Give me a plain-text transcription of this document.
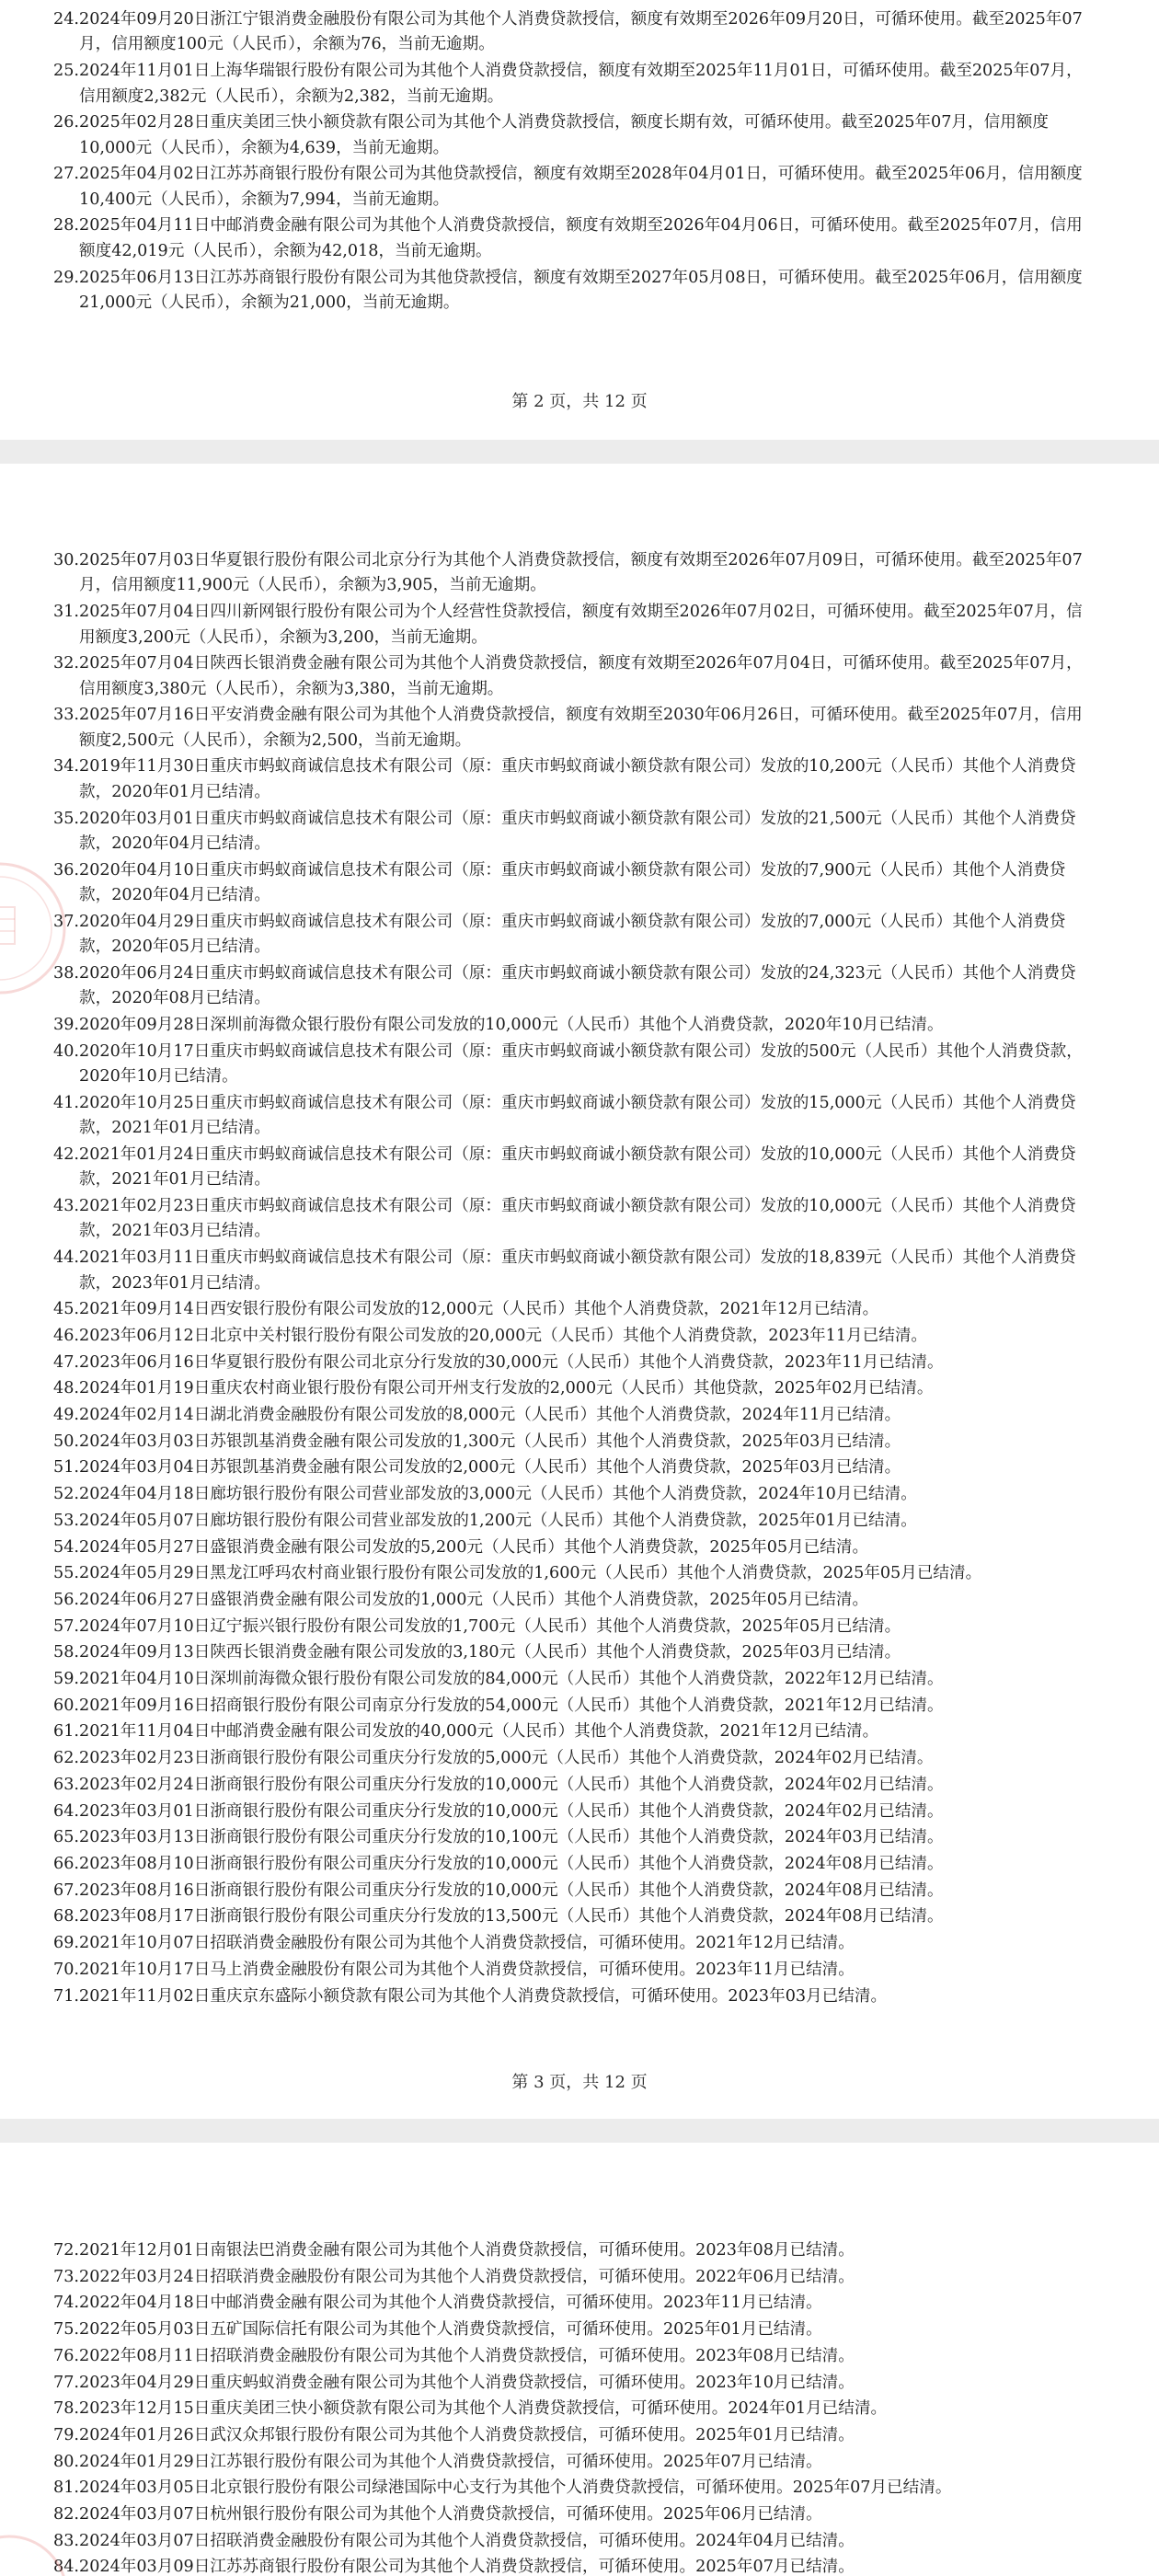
24. 2024年09月20日浙江宁银消费金融股份有限公司为其他个人消费贷款授信，额度有效期至2026年09月20日，可循环使用。截至2025年07月，信用额度100元（人民币），余额为76，当前无逾期。
25. 2024年11月01日上海华瑞银行股份有限公司为其他个人消费贷款授信，额度有效期至2025年11月01日，可循环使用。截至2025年07月，信用额度2,382元（人民币），余额为2,382，当前无逾期。
26. 2025年02月28日重庆美团三快小额贷款有限公司为其他个人消费贷款授信，额度长期有效，可循环使用。截至2025年07月，信用额度10,000元（人民币），余额为4,639，当前无逾期。
27. 2025年04月02日江苏苏商银行股份有限公司为其他贷款授信，额度有效期至2028年04月01日，可循环使用。截至2025年06月，信用额度10,400元（人民币），余额为7,994，当前无逾期。
28. 2025年04月11日中邮消费金融有限公司为其他个人消费贷款授信，额度有效期至2026年04月06日，可循环使用。截至2025年07月，信用额度42,019元（人民币），余额为42,018，当前无逾期。
29. 2025年06月13日江苏苏商银行股份有限公司为其他贷款授信，额度有效期至2027年05月08日，可循环使用。截至2025年06月，信用额度21,000元（人民币），余额为21,000，当前无逾期。
第 2 页，共 12 页
30. 2025年07月03日华夏银行股份有限公司北京分行为其他个人消费贷款授信，额度有效期至2026年07月09日，可循环使用。截至2025年07月，信用额度11,900元（人民币），余额为3,905，当前无逾期。
31. 2025年07月04日四川新网银行股份有限公司为个人经营性贷款授信，额度有效期至2026年07月02日，可循环使用。截至2025年07月，信用额度3,200元（人民币），余额为3,200，当前无逾期。
32. 2025年07月04日陕西长银消费金融有限公司为其他个人消费贷款授信，额度有效期至2026年07月04日，可循环使用。截至2025年07月，信用额度3,380元（人民币），余额为3,380，当前无逾期。
33. 2025年07月16日平安消费金融有限公司为其他个人消费贷款授信，额度有效期至2030年06月26日，可循环使用。截至2025年07月，信用额度2,500元（人民币），余额为2,500，当前无逾期。
34. 2019年11月30日重庆市蚂蚁商诚信息技术有限公司（原：重庆市蚂蚁商诚小额贷款有限公司）发放的10,200元（人民币）其他个人消费贷款，2020年01月已结清。
35. 2020年03月01日重庆市蚂蚁商诚信息技术有限公司（原：重庆市蚂蚁商诚小额贷款有限公司）发放的21,500元（人民币）其他个人消费贷款，2020年04月已结清。
36. 2020年04月10日重庆市蚂蚁商诚信息技术有限公司（原：重庆市蚂蚁商诚小额贷款有限公司）发放的7,900元（人民币）其他个人消费贷款，2020年04月已结清。
37. 2020年04月29日重庆市蚂蚁商诚信息技术有限公司（原：重庆市蚂蚁商诚小额贷款有限公司）发放的7,000元（人民币）其他个人消费贷款，2020年05月已结清。
38. 2020年06月24日重庆市蚂蚁商诚信息技术有限公司（原：重庆市蚂蚁商诚小额贷款有限公司）发放的24,323元（人民币）其他个人消费贷款，2020年08月已结清。
39. 2020年09月28日深圳前海微众银行股份有限公司发放的10,000元（人民币）其他个人消费贷款，2020年10月已结清。
40. 2020年10月17日重庆市蚂蚁商诚信息技术有限公司（原：重庆市蚂蚁商诚小额贷款有限公司）发放的500元（人民币）其他个人消费贷款，2020年10月已结清。
41. 2020年10月25日重庆市蚂蚁商诚信息技术有限公司（原：重庆市蚂蚁商诚小额贷款有限公司）发放的15,000元（人民币）其他个人消费贷款，2021年01月已结清。
42. 2021年01月24日重庆市蚂蚁商诚信息技术有限公司（原：重庆市蚂蚁商诚小额贷款有限公司）发放的10,000元（人民币）其他个人消费贷款，2021年01月已结清。
43. 2021年02月23日重庆市蚂蚁商诚信息技术有限公司（原：重庆市蚂蚁商诚小额贷款有限公司）发放的10,000元（人民币）其他个人消费贷款，2021年03月已结清。
44. 2021年03月11日重庆市蚂蚁商诚信息技术有限公司（原：重庆市蚂蚁商诚小额贷款有限公司）发放的18,839元（人民币）其他个人消费贷款，2023年01月已结清。
45. 2021年09月14日西安银行股份有限公司发放的12,000元（人民币）其他个人消费贷款，2021年12月已结清。
46. 2023年06月12日北京中关村银行股份有限公司发放的20,000元（人民币）其他个人消费贷款，2023年11月已结清。
47. 2023年06月16日华夏银行股份有限公司北京分行发放的30,000元（人民币）其他个人消费贷款，2023年11月已结清。
48. 2024年01月19日重庆农村商业银行股份有限公司开州支行发放的2,000元（人民币）其他贷款，2025年02月已结清。
49. 2024年02月14日湖北消费金融股份有限公司发放的8,000元（人民币）其他个人消费贷款，2024年11月已结清。
50. 2024年03月03日苏银凯基消费金融有限公司发放的1,300元（人民币）其他个人消费贷款，2025年03月已结清。
51. 2024年03月04日苏银凯基消费金融有限公司发放的2,000元（人民币）其他个人消费贷款，2025年03月已结清。
52. 2024年04月18日廊坊银行股份有限公司营业部发放的3,000元（人民币）其他个人消费贷款，2024年10月已结清。
53. 2024年05月07日廊坊银行股份有限公司营业部发放的1,200元（人民币）其他个人消费贷款，2025年01月已结清。
54. 2024年05月27日盛银消费金融有限公司发放的5,200元（人民币）其他个人消费贷款，2025年05月已结清。
55. 2024年05月29日黑龙江呼玛农村商业银行股份有限公司发放的1,600元（人民币）其他个人消费贷款，2025年05月已结清。
56. 2024年06月27日盛银消费金融有限公司发放的1,000元（人民币）其他个人消费贷款，2025年05月已结清。
57. 2024年07月10日辽宁振兴银行股份有限公司发放的1,700元（人民币）其他个人消费贷款，2025年05月已结清。
58. 2024年09月13日陕西长银消费金融有限公司发放的3,180元（人民币）其他个人消费贷款，2025年03月已结清。
59. 2021年04月10日深圳前海微众银行股份有限公司发放的84,000元（人民币）其他个人消费贷款，2022年12月已结清。
60. 2021年09月16日招商银行股份有限公司南京分行发放的54,000元（人民币）其他个人消费贷款，2021年12月已结清。
61. 2021年11月04日中邮消费金融有限公司发放的40,000元（人民币）其他个人消费贷款，2021年12月已结清。
62. 2023年02月23日浙商银行股份有限公司重庆分行发放的5,000元（人民币）其他个人消费贷款，2024年02月已结清。
63. 2023年02月24日浙商银行股份有限公司重庆分行发放的10,000元（人民币）其他个人消费贷款，2024年02月已结清。
64. 2023年03月01日浙商银行股份有限公司重庆分行发放的10,000元（人民币）其他个人消费贷款，2024年02月已结清。
65. 2023年03月13日浙商银行股份有限公司重庆分行发放的10,100元（人民币）其他个人消费贷款，2024年03月已结清。
66. 2023年08月10日浙商银行股份有限公司重庆分行发放的10,000元（人民币）其他个人消费贷款，2024年08月已结清。
67. 2023年08月16日浙商银行股份有限公司重庆分行发放的10,000元（人民币）其他个人消费贷款，2024年08月已结清。
68. 2023年08月17日浙商银行股份有限公司重庆分行发放的13,500元（人民币）其他个人消费贷款，2024年08月已结清。
69. 2021年10月07日招联消费金融股份有限公司为其他个人消费贷款授信，可循环使用。2021年12月已结清。
70. 2021年10月17日马上消费金融股份有限公司为其他个人消费贷款授信，可循环使用。2023年11月已结清。
71. 2021年11月02日重庆京东盛际小额贷款有限公司为其他个人消费贷款授信，可循环使用。2023年03月已结清。
第 3 页，共 12 页
72. 2021年12月01日南银法巴消费金融有限公司为其他个人消费贷款授信，可循环使用。2023年08月已结清。
73. 2022年03月24日招联消费金融股份有限公司为其他个人消费贷款授信，可循环使用。2022年06月已结清。
74. 2022年04月18日中邮消费金融有限公司为其他个人消费贷款授信，可循环使用。2023年11月已结清。
75. 2022年05月03日五矿国际信托有限公司为其他个人消费贷款授信，可循环使用。2025年01月已结清。
76. 2022年08月11日招联消费金融股份有限公司为其他个人消费贷款授信，可循环使用。2023年08月已结清。
77. 2023年04月29日重庆蚂蚁消费金融有限公司为其他个人消费贷款授信，可循环使用。2023年10月已结清。
78. 2023年12月15日重庆美团三快小额贷款有限公司为其他个人消费贷款授信，可循环使用。2024年01月已结清。
79. 2024年01月26日武汉众邦银行股份有限公司为其他个人消费贷款授信，可循环使用。2025年01月已结清。
80. 2024年01月29日江苏银行股份有限公司为其他个人消费贷款授信，可循环使用。2025年07月已结清。
81. 2024年03月05日北京银行股份有限公司绿港国际中心支行为其他个人消费贷款授信，可循环使用。2025年07月已结清。
82. 2024年03月07日杭州银行股份有限公司为其他个人消费贷款授信，可循环使用。2025年06月已结清。
83. 2024年03月07日招联消费金融股份有限公司为其他个人消费贷款授信，可循环使用。2024年04月已结清。
84. 2024年03月09日江苏苏商银行股份有限公司为其他个人消费贷款授信，可循环使用。2025年07月已结清。
